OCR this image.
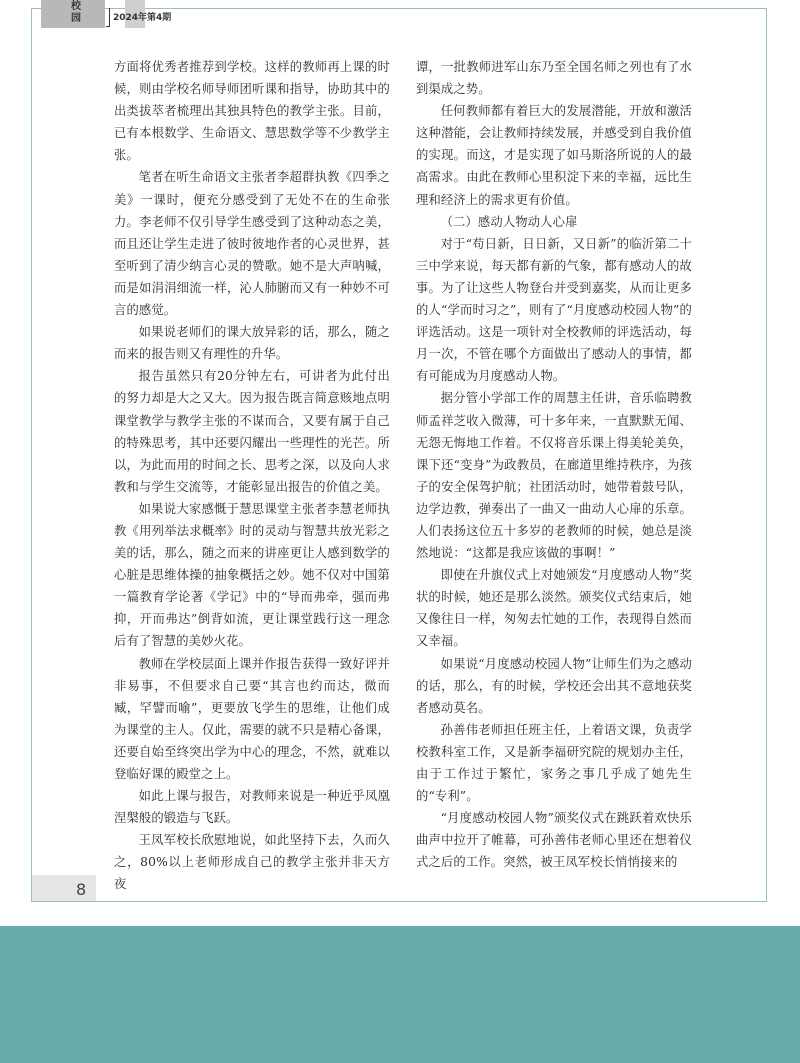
校
园	2024年第4期

方面将优秀者推荐到学校。这样的教师再上课的时候，则由学校名师导师团听课和指导，协助其中的出类拔萃者梳理出其独具特色的教学主张。目前，已有本根数学、生命语文、慧思数学等不少教学主张。

笔者在听生命语文主张者李超群执教《四季之美》一课时，便充分感受到了无处不在的生命张力。李老师不仅引导学生感受到了这种动态之美，而且还让学生走进了彼时彼地作者的心灵世界，甚至听到了清少纳言心灵的赞歌。她不是大声呐喊，而是如涓涓细流一样，沁人肺腑而又有一种妙不可言的感觉。

如果说老师们的课大放异彩的话，那么，随之而来的报告则又有理性的升华。

报告虽然只有20分钟左右，可讲者为此付出的努力却是大之又大。因为报告既言简意赅地点明课堂教学与教学主张的不谋而合，又要有属于自己的特殊思考，其中还要闪耀出一些理性的光芒。所以，为此而用的时间之长、思考之深，以及向人求教和与学生交流等，才能彰显出报告的价值之美。

如果说大家感慨于慧思课堂主张者李慧老师执教《用列举法求概率》时的灵动与智慧共放光彩之美的话，那么，随之而来的讲座更让人感到数学的心脏是思维体操的抽象概括之妙。她不仅对中国第一篇教育学论著《学记》中的“导而弗牵，强而弗抑，开而弗达”倒背如流，更让课堂践行这一理念后有了智慧的美妙火花。

教师在学校层面上课并作报告获得一致好评并非易事，不但要求自己要“其言也约而达，微而臧，罕譬而喻”，更要放飞学生的思维，让他们成为课堂的主人。仅此，需要的就不只是精心备课，还要自始至终突出学为中心的理念，不然，就难以登临好课的殿堂之上。

如此上课与报告，对教师来说是一种近乎凤凰涅槃般的锻造与飞跃。

王凤军校长欣慰地说，如此坚持下去，久而久之，80%以上老师形成自己的教学主张并非天方夜

谭，一批教师进军山东乃至全国名师之列也有了水到渠成之势。

任何教师都有着巨大的发展潜能，开放和激活这种潜能，会让教师持续发展，并感受到自我价值的实现。而这，才是实现了如马斯洛所说的人的最高需求。由此在教师心里积淀下来的幸福，远比生理和经济上的需求更有价值。

（二）感动人物动人心扉

对于“苟日新，日日新，又日新”的临沂第二十三中学来说，每天都有新的气象，都有感动人的故事。为了让这些人物登台并受到嘉奖，从而让更多的人“学而时习之”，则有了“月度感动校园人物”的评选活动。这是一项针对全校教师的评选活动，每月一次，不管在哪个方面做出了感动人的事情，都有可能成为月度感动人物。

据分管小学部工作的周慧主任讲，音乐临聘教师孟祥芝收入微薄，可十多年来，一直默默无闻、无怨无悔地工作着。不仅将音乐课上得美轮美奂，课下还“变身”为政教员，在廊道里维持秩序，为孩子的安全保驾护航；社团活动时，她带着鼓号队，边学边教，弹奏出了一曲又一曲动人心扉的乐章。人们表扬这位五十多岁的老教师的时候，她总是淡然地说：“这都是我应该做的事啊！”

即使在升旗仪式上对她颁发“月度感动人物”奖状的时候，她还是那么淡然。颁奖仪式结束后，她又像往日一样，匆匆去忙她的工作，表现得自然而又幸福。

如果说“月度感动校园人物”让师生们为之感动的话，那么，有的时候，学校还会出其不意地获奖者感动莫名。

孙善伟老师担任班主任，上着语文课，负责学校教科室工作，又是新李福研究院的规划办主任，由于工作过于繁忙，家务之事几乎成了她先生的“专利”。

“月度感动校园人物”颁奖仪式在跳跃着欢快乐曲声中拉开了帷幕，可孙善伟老师心里还在想着仪式之后的工作。突然，被王凤军校长悄悄接来的

8
